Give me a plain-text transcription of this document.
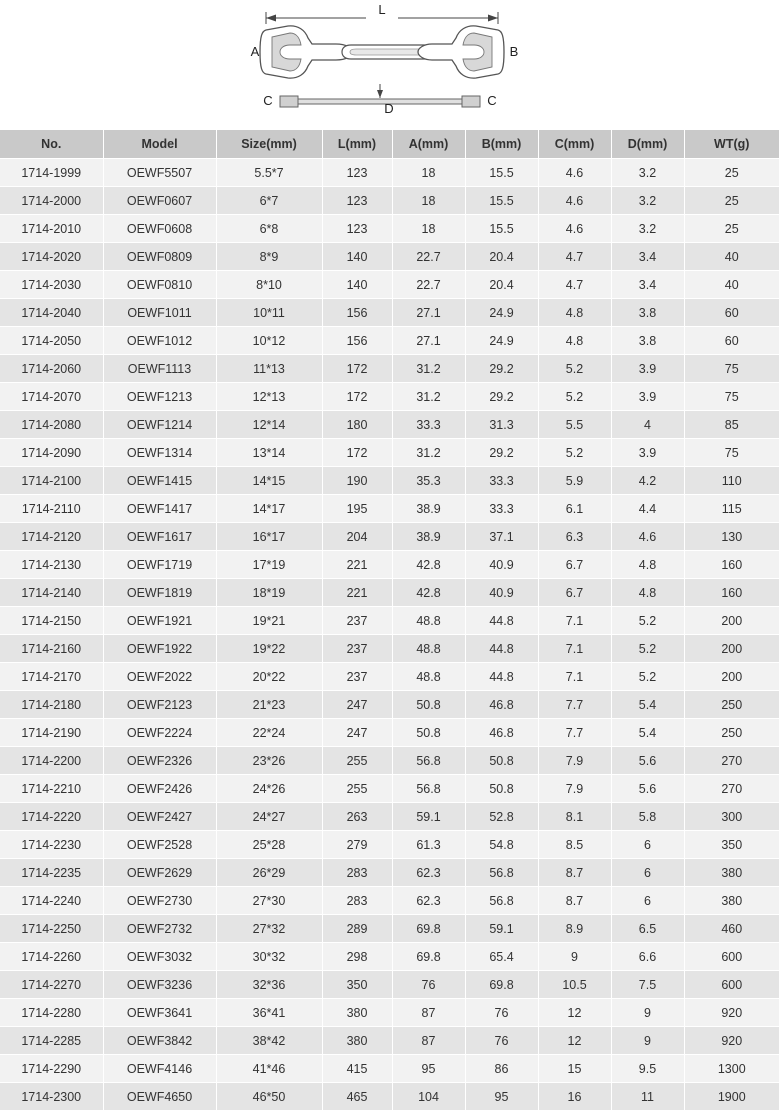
L
A	B
C	C
D
No.	Model	Size(mm)	L(mm)	A(mm)	B(mm)	C(mm)	D(mm)	WT(g)
1714-1999	OEWF5507	5.5*7	123	18	15.5	4.6	3.2	25
1714-2000	OEWF0607	6*7	123	18	15.5	4.6	3.2	25
1714-2010	OEWF0608	6*8	123	18	15.5	4.6	3.2	25
1714-2020	OEWF0809	8*9	140	22.7	20.4	4.7	3.4	40
1714-2030	OEWF0810	8*10	140	22.7	20.4	4.7	3.4	40
1714-2040	OEWF1011	10*11	156	27.1	24.9	4.8	3.8	60
1714-2050	OEWF1012	10*12	156	27.1	24.9	4.8	3.8	60
1714-2060	OEWF1113	11*13	172	31.2	29.2	5.2	3.9	75
1714-2070	OEWF1213	12*13	172	31.2	29.2	5.2	3.9	75
1714-2080	OEWF1214	12*14	180	33.3	31.3	5.5	4	85
1714-2090	OEWF1314	13*14	172	31.2	29.2	5.2	3.9	75
1714-2100	OEWF1415	14*15	190	35.3	33.3	5.9	4.2	110
1714-2110	OEWF1417	14*17	195	38.9	33.3	6.1	4.4	115
1714-2120	OEWF1617	16*17	204	38.9	37.1	6.3	4.6	130
1714-2130	OEWF1719	17*19	221	42.8	40.9	6.7	4.8	160
1714-2140	OEWF1819	18*19	221	42.8	40.9	6.7	4.8	160
1714-2150	OEWF1921	19*21	237	48.8	44.8	7.1	5.2	200
1714-2160	OEWF1922	19*22	237	48.8	44.8	7.1	5.2	200
1714-2170	OEWF2022	20*22	237	48.8	44.8	7.1	5.2	200
1714-2180	OEWF2123	21*23	247	50.8	46.8	7.7	5.4	250
1714-2190	OEWF2224	22*24	247	50.8	46.8	7.7	5.4	250
1714-2200	OEWF2326	23*26	255	56.8	50.8	7.9	5.6	270
1714-2210	OEWF2426	24*26	255	56.8	50.8	7.9	5.6	270
1714-2220	OEWF2427	24*27	263	59.1	52.8	8.1	5.8	300
1714-2230	OEWF2528	25*28	279	61.3	54.8	8.5	6	350
1714-2235	OEWF2629	26*29	283	62.3	56.8	8.7	6	380
1714-2240	OEWF2730	27*30	283	62.3	56.8	8.7	6	380
1714-2250	OEWF2732	27*32	289	69.8	59.1	8.9	6.5	460
1714-2260	OEWF3032	30*32	298	69.8	65.4	9	6.6	600
1714-2270	OEWF3236	32*36	350	76	69.8	10.5	7.5	600
1714-2280	OEWF3641	36*41	380	87	76	12	9	920
1714-2285	OEWF3842	38*42	380	87	76	12	9	920
1714-2290	OEWF4146	41*46	415	95	86	15	9.5	1300
1714-2300	OEWF4650	46*50	465	104	95	16	11	1900
